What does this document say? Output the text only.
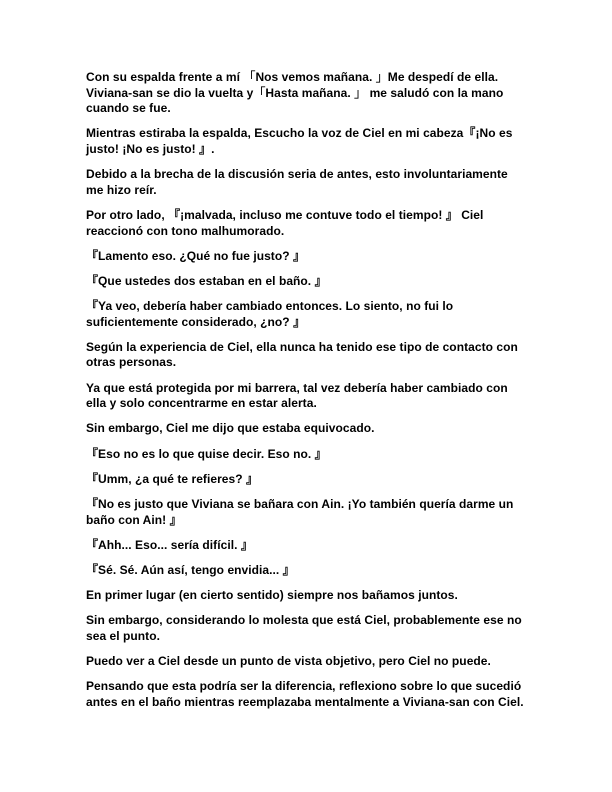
Con su espalda frente a mí 「Nos vemos mañana. 」Me despedí de ella. Viviana-san se dio la vuelta y「Hasta mañana. 」 me saludó con la mano cuando se fue.

Mientras estiraba la espalda, Escucho la voz de Ciel en mi cabeza『¡No es justo! ¡No es justo! 』.

Debido a la brecha de la discusión seria de antes, esto involuntariamente me hizo reír.

Por otro lado, 『¡malvada, incluso me contuve todo el tiempo! 』 Ciel reaccionó con tono malhumorado.

『Lamento eso. ¿Qué no fue justo? 』

『Que ustedes dos estaban en el baño. 』

『Ya veo, debería haber cambiado entonces. Lo siento, no fui lo suficientemente considerado, ¿no? 』

Según la experiencia de Ciel, ella nunca ha tenido ese tipo de contacto con otras personas.

Ya que está protegida por mi barrera, tal vez debería haber cambiado con ella y solo concentrarme en estar alerta.

Sin embargo, Ciel me dijo que estaba equivocado.

『Eso no es lo que quise decir. Eso no. 』

『Umm, ¿a qué te refieres? 』

『No es justo que Viviana se bañara con Ain. ¡Yo también quería darme un baño con Ain! 』

『Ahh... Eso... sería difícil. 』

『Sé. Sé. Aún así, tengo envidia... 』

En primer lugar (en cierto sentido) siempre nos bañamos juntos.

Sin embargo, considerando lo molesta que está Ciel, probablemente ese no sea el punto.

Puedo ver a Ciel desde un punto de vista objetivo, pero Ciel no puede.

Pensando que esta podría ser la diferencia, reflexiono sobre lo que sucedió antes en el baño mientras reemplazaba mentalmente a Viviana-san con Ciel.
